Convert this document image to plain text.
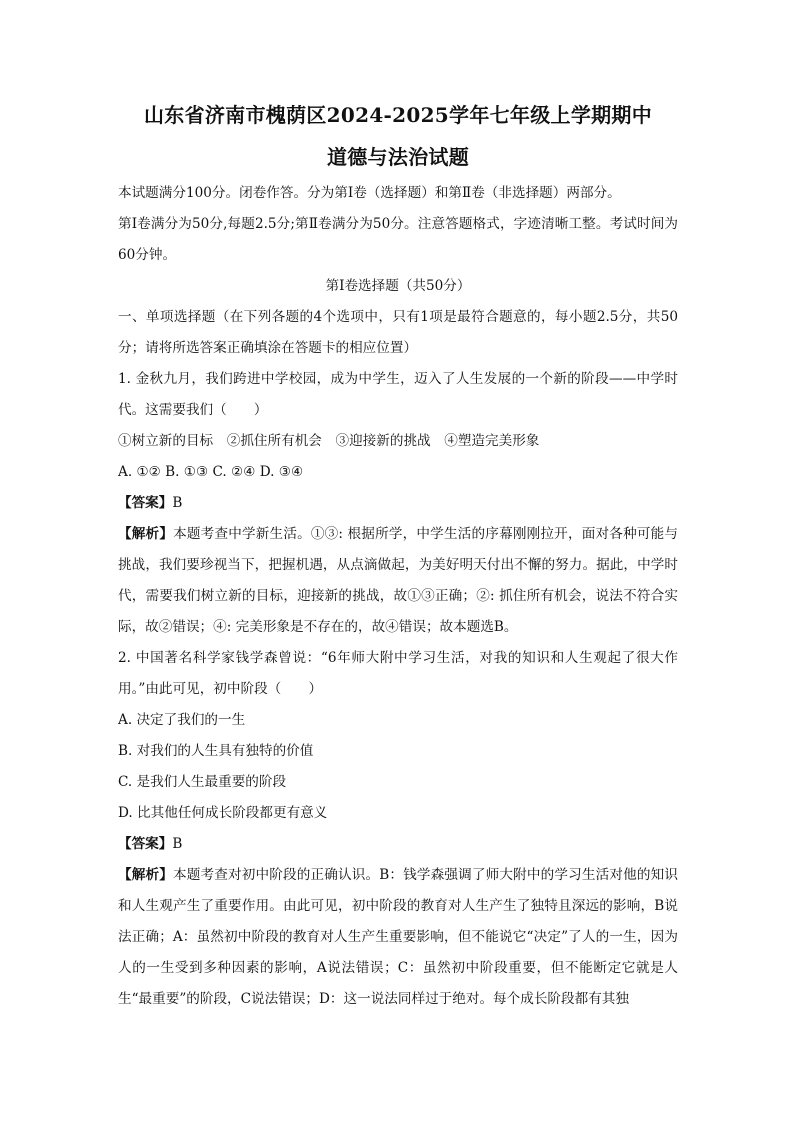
山东省济南市槐荫区2024-2025学年七年级上学期期中
道德与法治试题

本试题满分100分。闭卷作答。分为第Ⅰ卷（选择题）和第Ⅱ卷（非选择题）两部分。

第Ⅰ卷满分为50分,每题2.5分;第Ⅱ卷满分为50分。注意答题格式，字迹清晰工整。考试时间为60分钟。

第Ⅰ卷选择题（共50分）

一、单项选择题（在下列各题的4个选项中，只有1项是最符合题意的，每小题2.5分，共50分；请将所选答案正确填涂在答题卡的相应位置）

1. 金秋九月，我们跨进中学校园，成为中学生，迈入了人生发展的一个新的阶段——中学时代。这需要我们（　　）

①树立新的目标　②抓住所有机会　③迎接新的挑战　④塑造完美形象

A. ①② B. ①③ C. ②④ D. ③④

【答案】B

【解析】本题考查中学新生活。①③: 根据所学，中学生活的序幕刚刚拉开，面对各种可能与挑战，我们要珍视当下，把握机遇，从点滴做起，为美好明天付出不懈的努力。据此，中学时代，需要我们树立新的目标，迎接新的挑战，故①③正确；②: 抓住所有机会，说法不符合实际，故②错误；④: 完美形象是不存在的，故④错误；故本题选B。

2. 中国著名科学家钱学森曾说：“6年师大附中学习生活，对我的知识和人生观起了很大作用。”由此可见，初中阶段（　　）

A. 决定了我们的一生

B. 对我们的人生具有独特的价值

C. 是我们人生最重要的阶段

D. 比其他任何成长阶段都更有意义

【答案】B

【解析】本题考查对初中阶段的正确认识。B：钱学森强调了师大附中的学习生活对他的知识和人生观产生了重要作用。由此可见，初中阶段的教育对人生产生了独特且深远的影响，B说法正确；A：虽然初中阶段的教育对人生产生重要影响，但不能说它“决定”了人的一生，因为人的一生受到多种因素的影响，A说法错误；C：虽然初中阶段重要，但不能断定它就是人生“最重要”的阶段，C说法错误；D：这一说法同样过于绝对。每个成长阶段都有其独
